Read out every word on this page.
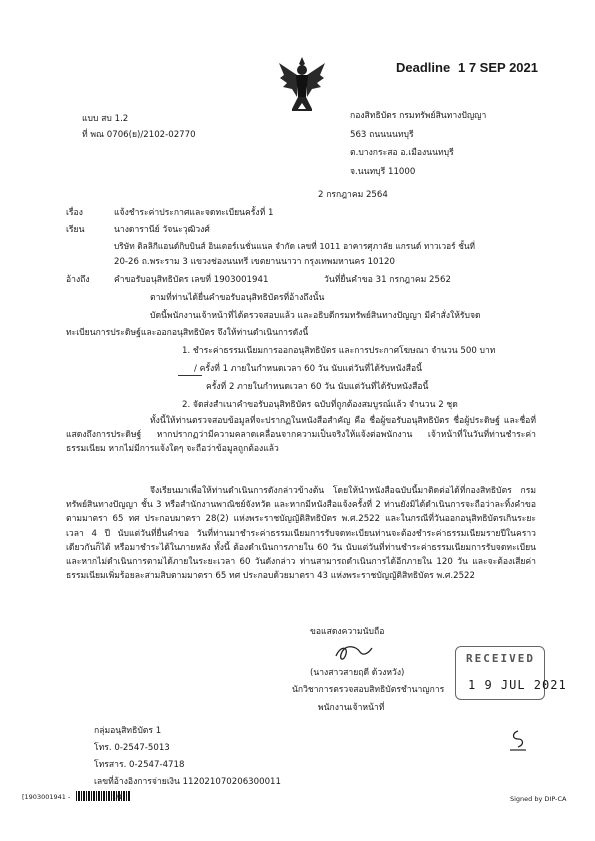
Deadline 1 7 SEP 2021
แบบ สบ 1.2
ที่ พณ 0706(ย)/2102-02770
กองสิทธิบัตร กรมทรัพย์สินทางปัญญา
563 ถนนนนทบุรี
ต.บางกระสอ อ.เมืองนนทบุรี
จ.นนทบุรี 11000
2 กรกฎาคม 2564
เรื่อง	แจ้งชำระค่าประกาศและจดทะเบียนครั้งที่ 1
เรียน	นางดารานีย์ วัจนะวุฒิวงศ์
บริษัท ติลลิกีแอนด์กิบบินส์ อินเตอร์เนชั่นแนล จำกัด เลขที่ 1011 อาคารศุภาลัย แกรนด์ ทาวเวอร์ ชั้นที่
20-26 ถ.พระราม 3 แขวงช่องนนทรี เขตยานนาวา กรุงเทพมหานคร 10120
อ้างถึง	คำขอรับอนุสิทธิบัตร เลขที่ 1903001941	วันที่ยื่นคำขอ 31 กรกฎาคม 2562
ตามที่ท่านได้ยื่นคำขอรับอนุสิทธิบัตรที่อ้างถึงนั้น
บัดนี้พนักงานเจ้าหน้าที่ได้ตรวจสอบแล้ว และอธิบดีกรมทรัพย์สินทางปัญญา มีคำสั่งให้รับจด
ทะเบียนการประดิษฐ์และออกอนุสิทธิบัตร จึงให้ท่านดำเนินการดังนี้
1. ชำระค่าธรรมเนียมการออกอนุสิทธิบัตร และการประกาศโฆษณา จำนวน 500 บาท
/ ครั้งที่ 1 ภายในกำหนดเวลา 60 วัน นับแต่วันที่ได้รับหนังสือนี้
ครั้งที่ 2 ภายในกำหนดเวลา 60 วัน นับแต่วันที่ได้รับหนังสือนี้
2. จัดส่งสำเนาคำขอรับอนุสิทธิบัตร ฉบับที่ถูกต้องสมบูรณ์แล้ว จำนวน 2 ชุด
ทั้งนี้ให้ท่านตรวจสอบข้อมูลที่จะปรากฏในหนังสือสำคัญ คือ ชื่อผู้ขอรับอนุสิทธิบัตร ชื่อผู้ประดิษฐ์ และชื่อที่แสดงถึงการประดิษฐ์ หากปรากฏว่ามีความคลาดเคลื่อนจากความเป็นจริงให้แจ้งต่อพนักงาน เจ้าหน้าที่ในวันที่ท่านชำระค่าธรรมเนียม หากไม่มีการแจ้งใดๆ จะถือว่าข้อมูลถูกต้องแล้ว
จึงเรียนมาเพื่อให้ท่านดำเนินการดังกล่าวข้างต้น โดยให้นำหนังสือฉบับนี้มาติดต่อได้ที่กองสิทธิบัตร กรมทรัพย์สินทางปัญญา ชั้น 3 หรือสำนักงานพาณิชย์จังหวัด และหากมีหนังสือแจ้งครั้งที่ 2 ท่านยังมิได้ดำเนินการจะถือว่าละทิ้งคำขอตามมาตรา 65 ทศ ประกอบมาตรา 28(2) แห่งพระราชบัญญัติสิทธิบัตร พ.ศ.2522 และในกรณีที่วันออกอนุสิทธิบัตรเกินระยะเวลา 4 ปี นับแต่วันที่ยื่นคำขอ วันที่ท่านมาชำระค่าธรรมเนียมการรับจดทะเบียนท่านจะต้องชำระค่าธรรมเนียมรายปีในคราวเดียวกันก็ได้ หรือมาชำระได้ในภายหลัง ทั้งนี้ ต้องดำเนินการภายใน 60 วัน นับแต่วันที่ท่านชำระค่าธรรมเนียมการรับจดทะเบียน และหากไม่ดำเนินการตามได้ภายในระยะเวลา 60 วันดังกล่าว ท่านสามารถดำเนินการได้อีกภายใน 120 วัน และจะต้องเสียค่าธรรมเนียมเพิ่มร้อยละสามสิบตามมาตรา 65 ทศ ประกอบด้วยมาตรา 43 แห่งพระราชบัญญัติสิทธิบัตร พ.ศ.2522
ขอแสดงความนับถือ
(นางสาวสายฤดี ด้วงหวัง)
นักวิชาการตรวจสอบสิทธิบัตรชำนาญการ
พนักงานเจ้าหน้าที่
RECEIVED
1 9 JUL 2021
กลุ่มอนุสิทธิบัตร 1
โทร. 0-2547-5013
โทรสาร. 0-2547-4718
เลขที่อ้างอิงการจ่ายเงิน 112021070206300011
[1903001941 -	1/1]	Signed by DIP-CA
